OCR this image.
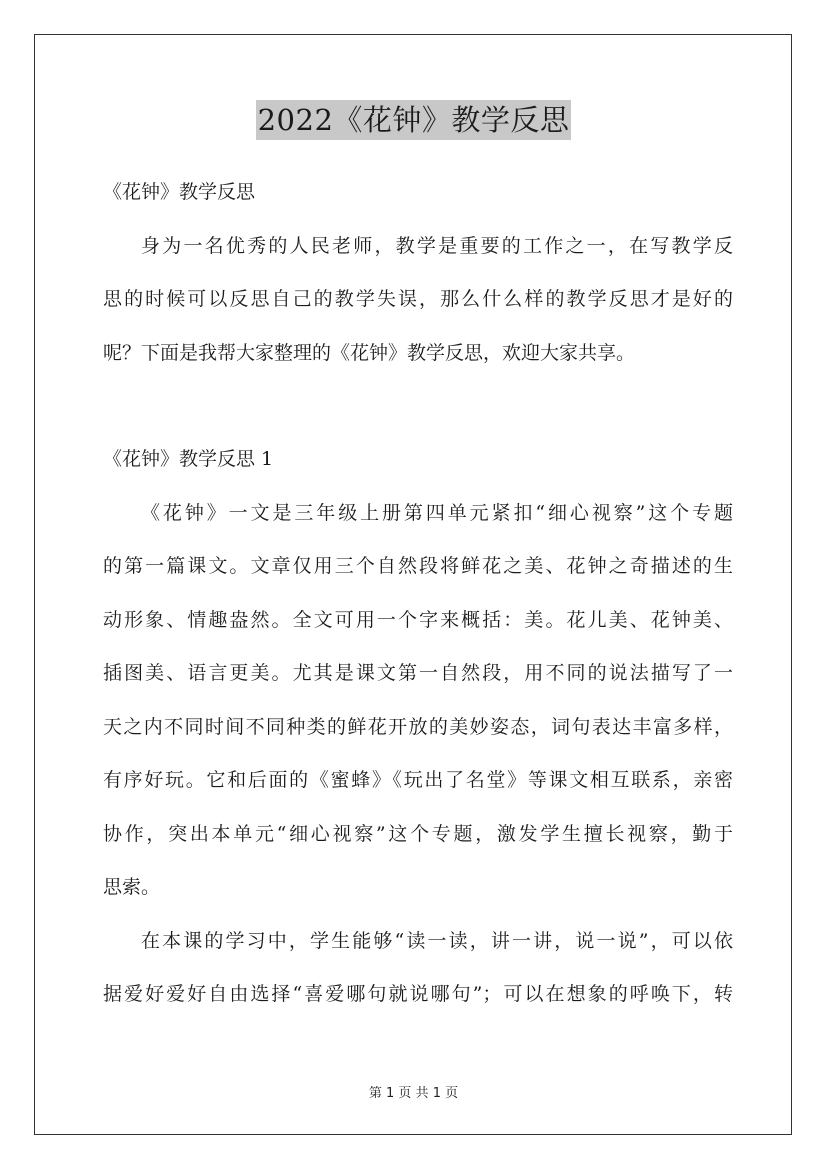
2022《花钟》教学反思
《花钟》教学反思
身为一名优秀的人民老师，教学是重要的工作之一，在写教学反
思的时候可以反思自己的教学失误，那么什么样的教学反思才是好的
呢？下面是我帮大家整理的《花钟》教学反思，欢迎大家共享。
《花钟》教学反思 1
《花钟》一文是三年级上册第四单元紧扣“细心视察”这个专题
的第一篇课文。文章仅用三个自然段将鲜花之美、花钟之奇描述的生
动形象、情趣盎然。全文可用一个字来概括：美。花儿美、花钟美、
插图美、语言更美。尤其是课文第一自然段，用不同的说法描写了一
天之内不同时间不同种类的鲜花开放的美妙姿态，词句表达丰富多样，
有序好玩。它和后面的《蜜蜂》《玩出了名堂》等课文相互联系，亲密
协作，突出本单元“细心视察”这个专题，激发学生擅长视察，勤于
思索。
在本课的学习中，学生能够“读一读，讲一讲，说一说”，可以依
据爱好爱好自由选择“喜爱哪句就说哪句”；可以在想象的呼唤下，转
第 1 页 共 1 页
